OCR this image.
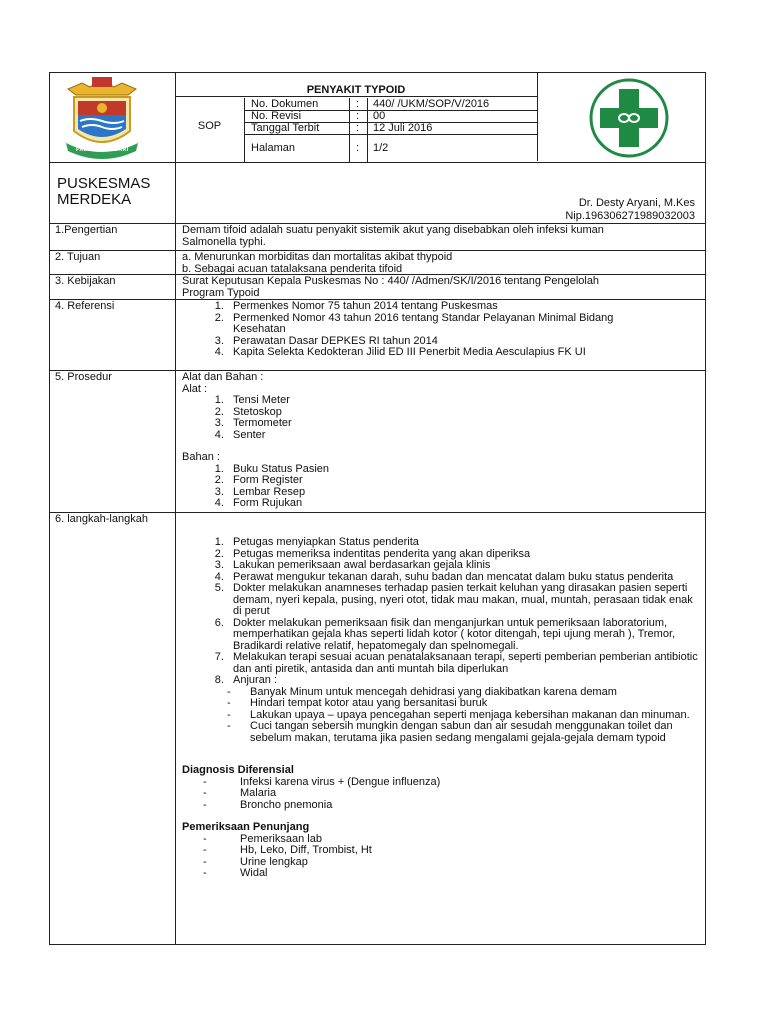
PALEMBANG BARI
PUSKESMAS
MERDEKA
PENYAKIT TYPOID
SOP
No. Dokumen	: 440/ /UKM/SOP/V/2016
No. Revisi	: 00
Tanggal Terbit	: 12 Juli 2016
Halaman	: 1/2
Dr. Desty Aryani, M.Kes
Nip.196306271989032003
1.Pengertian	Demam tifoid adalah suatu penyakit sistemik akut yang disebabkan oleh infeksi kuman
Salmonella typhi.
2. Tujuan	a. Menurunkan morbiditas dan mortalitas akibat thypoid
b. Sebagai acuan tatalaksana penderita tifoid
3. Kebijakan	Surat Keputusan Kepala Puskesmas No : 440/ /Admen/SK/I/2016 tentang Pengelolah
Program Typoid
4. Referensi
1.	Permenkes Nomor 75 tahun 2014 tentang Puskesmas
2. Permenked Nomor 43 tahun 2016 tentang Standar Pelayanan Minimal Bidang Kesehatan
3. Perawatan Dasar DEPKES RI tahun 2014
4. Kapita Selekta Kedokteran Jilid ED III Penerbit Media Aesculapius FK UI
5. Prosedur	Alat dan Bahan :
Alat :
1. Tensi Meter
2. Stetoskop
3. Termometer
4. Senter
Bahan :
1. Buku Status Pasien
2. Form Register
3. Lembar Resep
4. Form Rujukan
6. langkah-langkah
1. Petugas menyiapkan Status penderita
2. Petugas memeriksa indentitas penderita yang akan diperiksa
3. Lakukan pemeriksaan awal berdasarkan gejala klinis
4. Perawat mengukur tekanan darah, suhu badan dan mencatat dalam buku status penderita
5. Dokter melakukan anamneses terhadap pasien terkait keluhan yang dirasakan pasien seperti demam, nyeri kepala, pusing, nyeri otot, tidak mau makan, mual, muntah, perasaan tidak enak di perut
6. Dokter melakukan pemeriksaan fisik dan menganjurkan untuk pemeriksaan laboratorium, memperhatikan gejala khas seperti lidah kotor ( kotor ditengah, tepi ujung merah ), Tremor, Bradikardi relative relatif, hepatomegaly dan spelnomegali.
7. Melakukan terapi sesuai acuan penatalaksanaan terapi, seperti pemberian pemberian antibiotic dan anti piretik, antasida dan anti muntah bila diperlukan
8. Anjuran :
- Banyak Minum untuk mencegah dehidrasi yang diakibatkan karena demam
- Hindari tempat kotor atau yang bersanitasi buruk
- Lakukan upaya – upaya pencegahan seperti menjaga kebersihan makanan dan minuman.
- Cuci tangan sebersih mungkin dengan sabun dan air sesudah menggunakan toilet dan sebelum makan, terutama jika pasien sedang mengalami gejala-gejala demam typoid
Diagnosis Diferensial
- Infeksi karena virus + (Dengue influenza)
- Malaria
- Broncho pnemonia
Pemeriksaan Penunjang
- Pemeriksaan lab
- Hb, Leko, Diff, Trombist, Ht
- Urine lengkap
- Widal
